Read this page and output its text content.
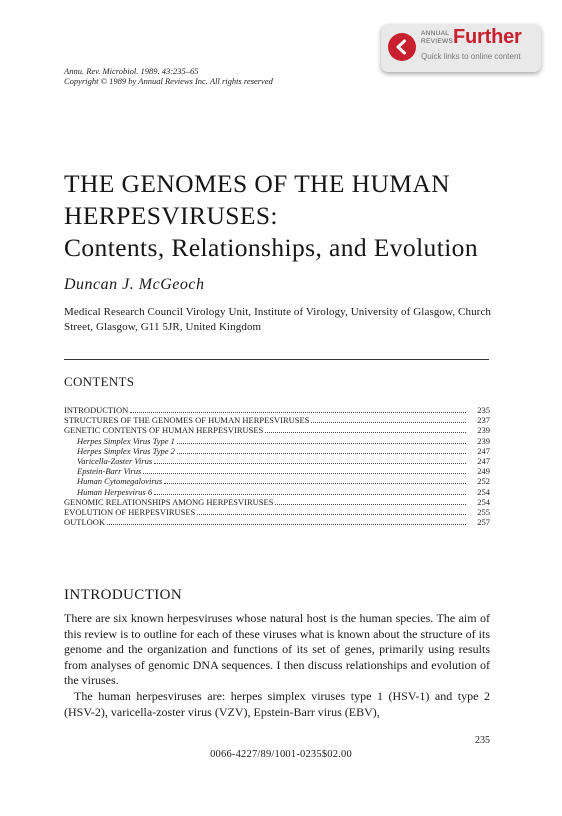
ANNUAL
REVIEWS Further
Quick links to online content
Annu. Rev. Microbiol. 1989. 43:235–65
Copyright © 1989 by Annual Reviews Inc. All rights reserved
THE GENOMES OF THE HUMAN
HERPESVIRUSES:
Contents, Relationships, and Evolution
Duncan J. McGeoch
Medical Research Council Virology Unit, Institute of Virology, University of Glasgow, Church Street, Glasgow, G11 5JR, United Kingdom
CONTENTS
INTRODUCTION	235
STRUCTURES OF THE GENOMES OF HUMAN HERPESVIRUSES	237
GENETIC CONTENTS OF HUMAN HERPESVIRUSES	239
Herpes Simplex Virus Type 1	239
Herpes Simplex Virus Type 2	247
Varicella-Zoster Virus	247
Epstein-Barr Virus	249
Human Cytomegalovirus	252
Human Herpesvirus 6	254
GENOMIC RELATIONSHIPS AMONG HERPESVIRUSES	254
EVOLUTION OF HERPESVIRUSES	255
OUTLOOK	257
INTRODUCTION

There are six known herpesviruses whose natural host is the human species. The aim of this review is to outline for each of these viruses what is known about the structure of its genome and the organization and functions of its set of genes, primarily using results from analyses of genomic DNA sequences. I then discuss relationships and evolution of the viruses.

The human herpesviruses are: herpes simplex viruses type 1 (HSV-1) and type 2 (HSV-2), varicella-zoster virus (VZV), Epstein-Barr virus (EBV),

235
0066-4227/89/1001-0235$02.00
